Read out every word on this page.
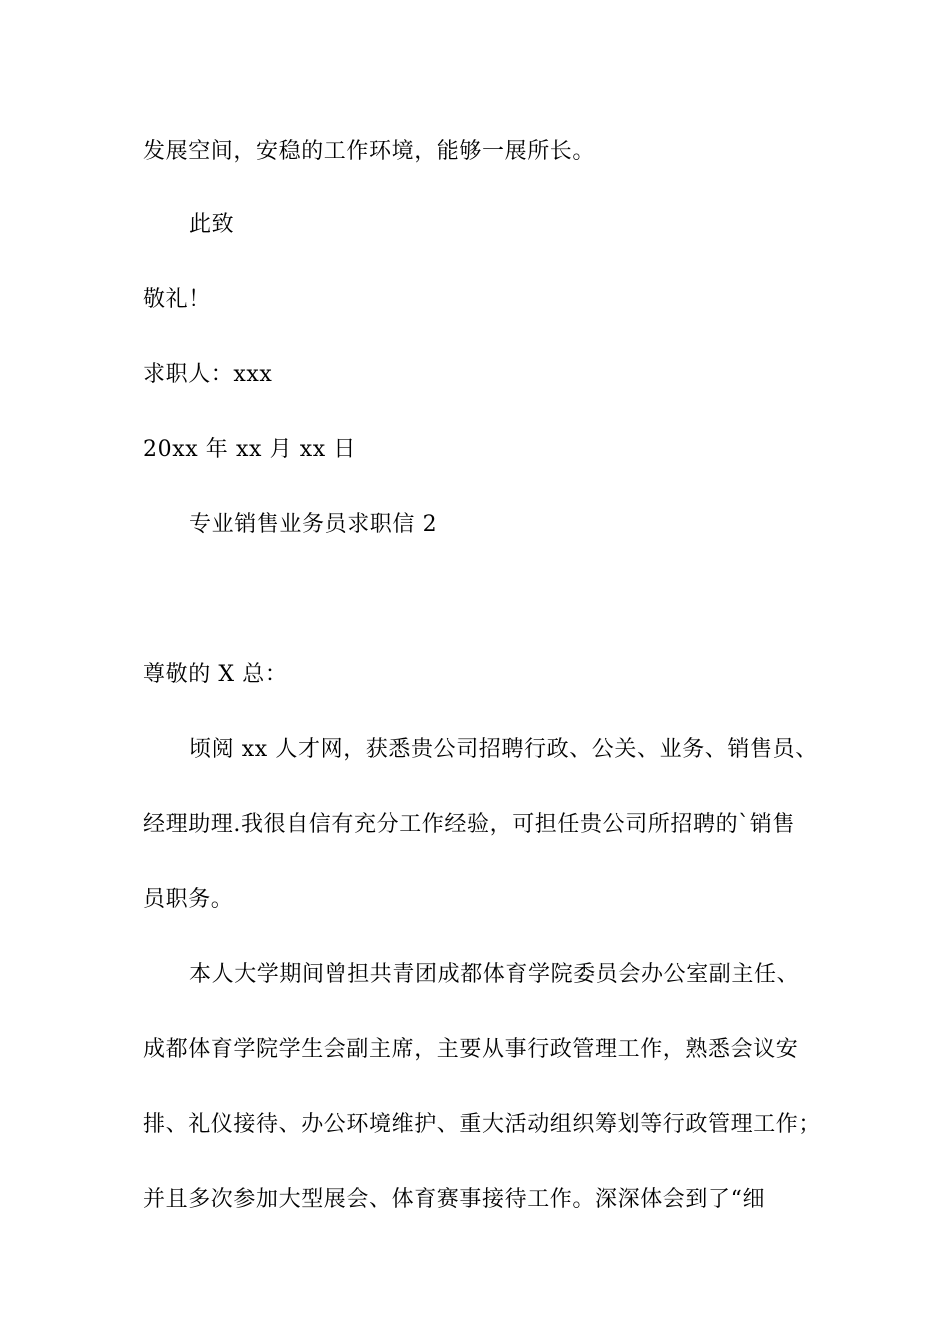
发展空间，安稳的工作环境，能够一展所长。
此致
敬礼！
求职人：xxx
20xx 年 xx 月 xx 日
专业销售业务员求职信 2
尊敬的 X 总：
顷阅 xx 人才网，获悉贵公司招聘行政、公关、业务、销售员、
经理助理.我很自信有充分工作经验，可担任贵公司所招聘的`销售
员职务。
本人大学期间曾担共青团成都体育学院委员会办公室副主任、
成都体育学院学生会副主席，主要从事行政管理工作，熟悉会议安
排、礼仪接待、办公环境维护、重大活动组织筹划等行政管理工作；
并且多次参加大型展会、体育赛事接待工作。深深体会到了“细
